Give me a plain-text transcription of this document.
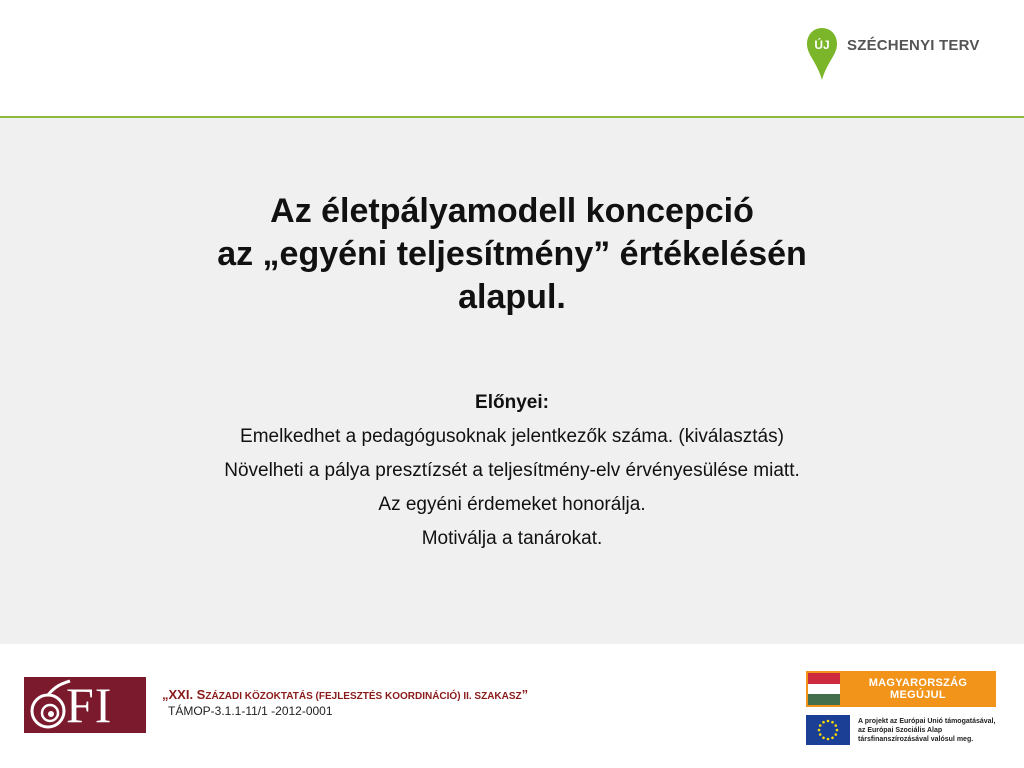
ÚJ SZÉCHENYI TERV
Az életpályamodell koncepció
az „egyéni teljesítmény” értékelésén
alapul.
Előnyei:
Emelkedhet a pedagógusoknak jelentkezők száma. (kiválasztás)
Növelheti a pálya presztízsét a teljesítmény-elv érvényesülése miatt.
Az egyéni érdemeket honorálja.
Motiválja a tanárokat.
FI	„XXI. SZÁZADI KÖZOKTATÁS (FEJLESZTÉS KOORDINÁCIÓ) II. SZAKASZ”
TÁMOP-3.1.1-11/1 -2012-0001
MAGYARORSZÁG MEGÚJUL
A projekt az Európai Unió támogatásával,
az Európai Szociális Alap
társfinanszírozásával valósul meg.
